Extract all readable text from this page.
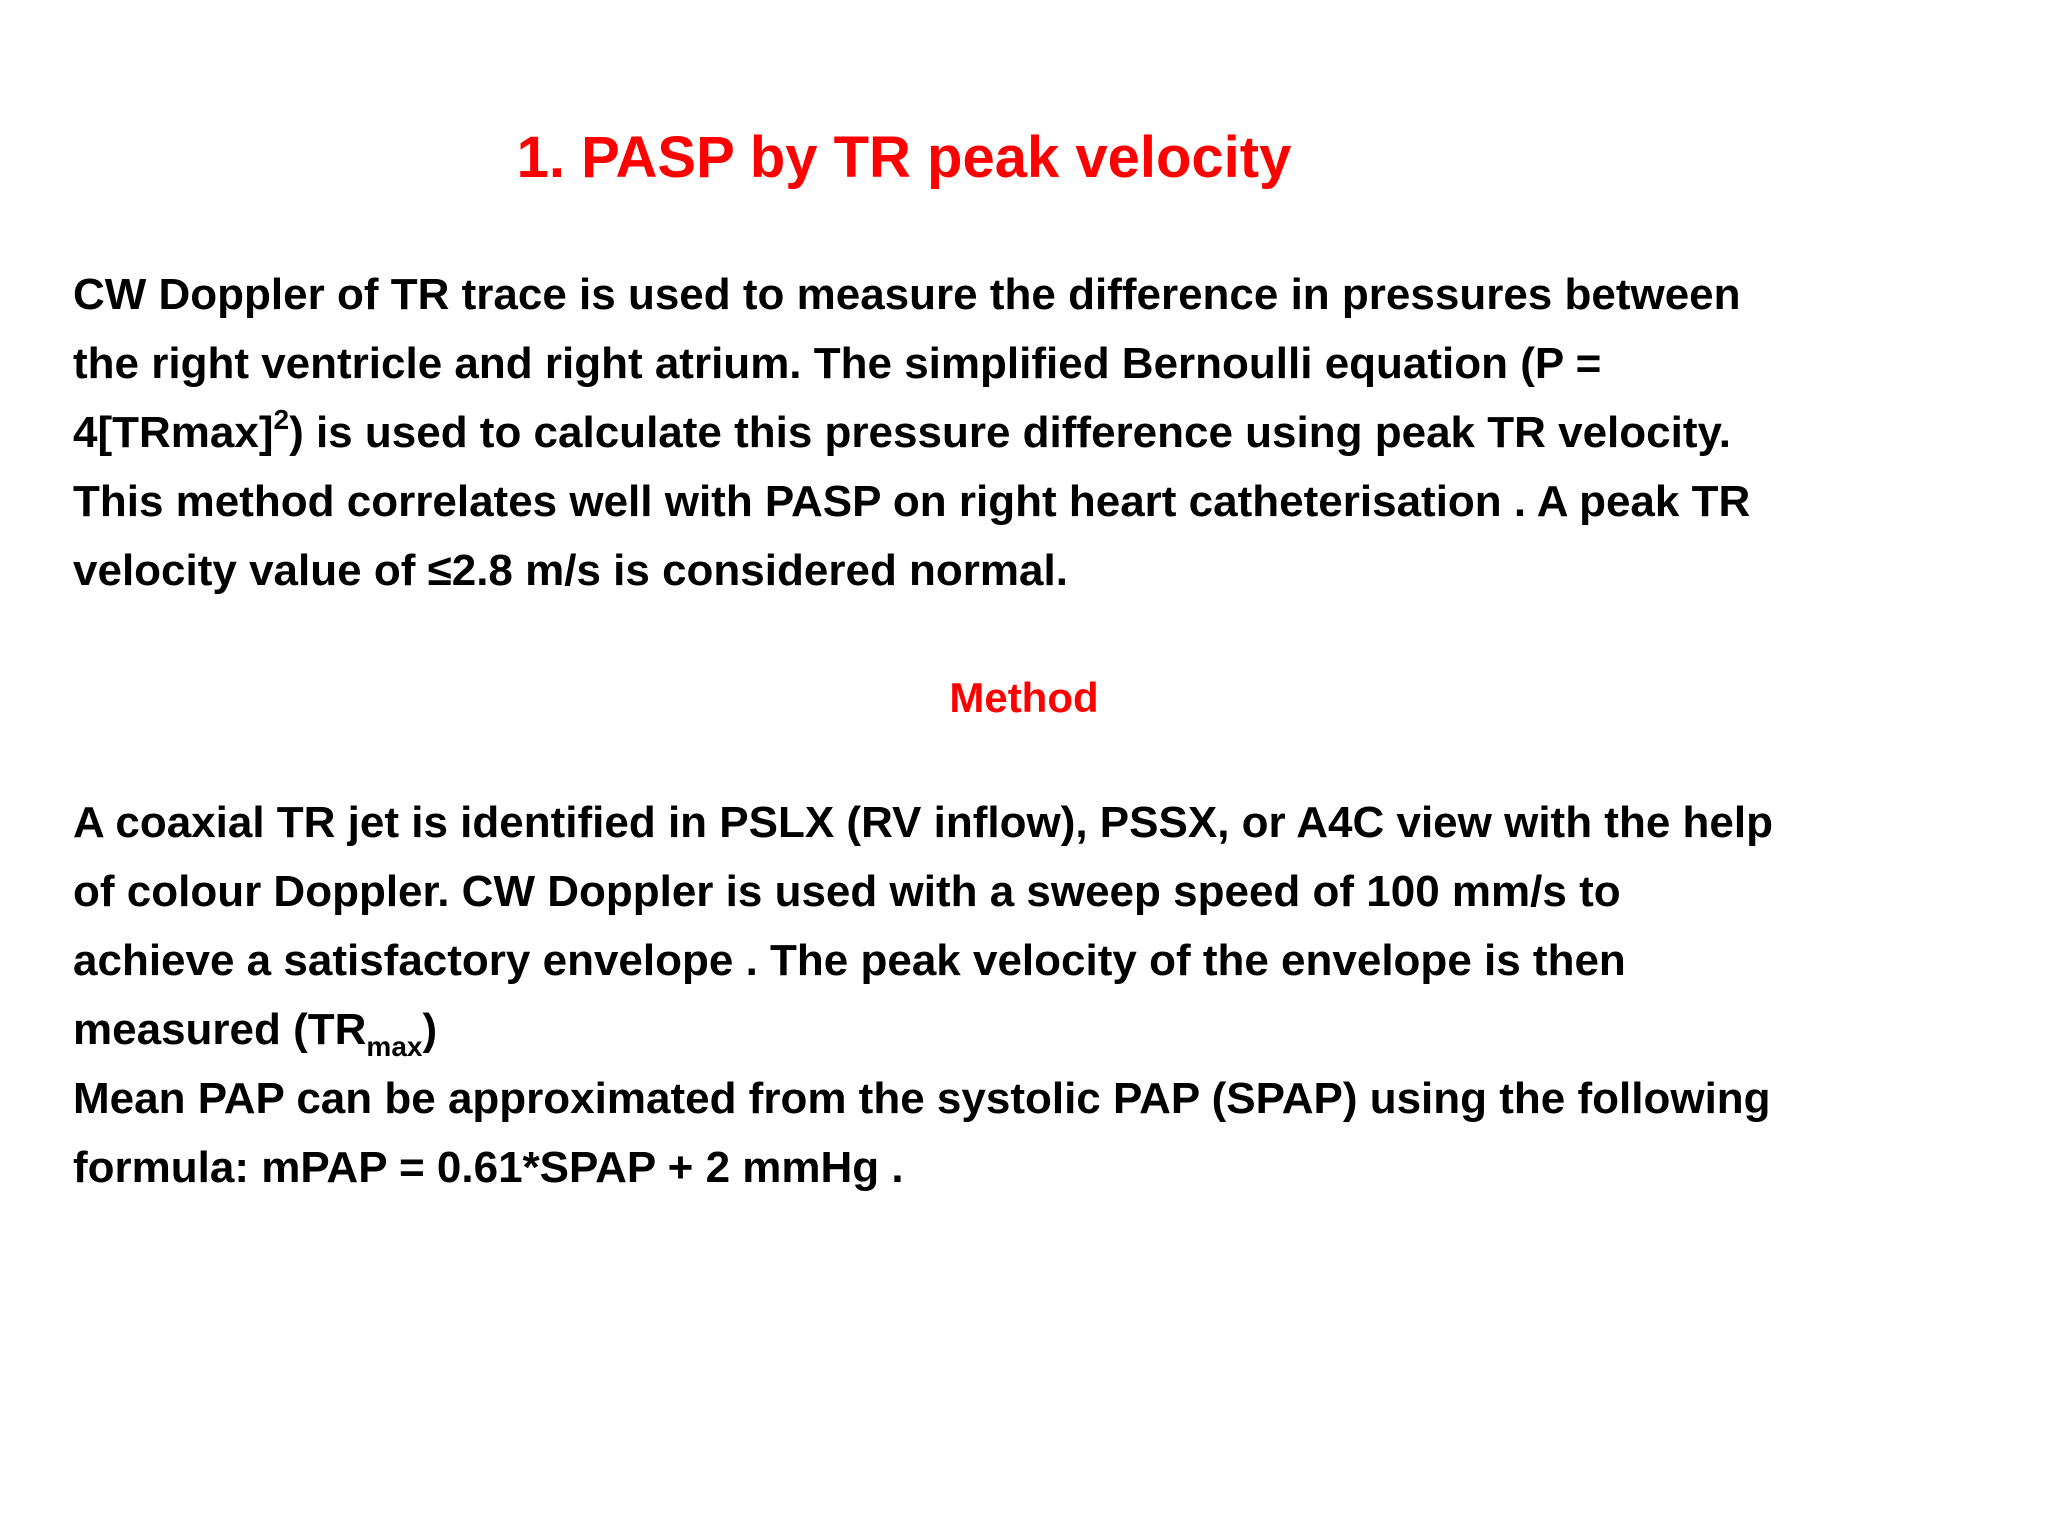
1. PASP by TR peak velocity
CW Doppler of TR trace is used to measure the difference in pressures between
the right ventricle and right atrium. The simplified Bernoulli equation (P =
$4[TRmax]^2$) is used to calculate this pressure difference using peak TR velocity.
This method correlates well with PASP on right heart catheterisation . A peak TR
velocity value of ≤2.8 m/s is considered normal.
Method
A coaxial TR jet is identified in PSLX (RV inflow), PSSX, or A4C view with the help
of colour Doppler. CW Doppler is used with a sweep speed of 100 mm/s to
achieve a satisfactory envelope . The peak velocity of the envelope is then
measured $(TR_{max})$
Mean PAP can be approximated from the systolic PAP (SPAP) using the following
formula: mPAP = 0.61*SPAP + 2 mmHg .
